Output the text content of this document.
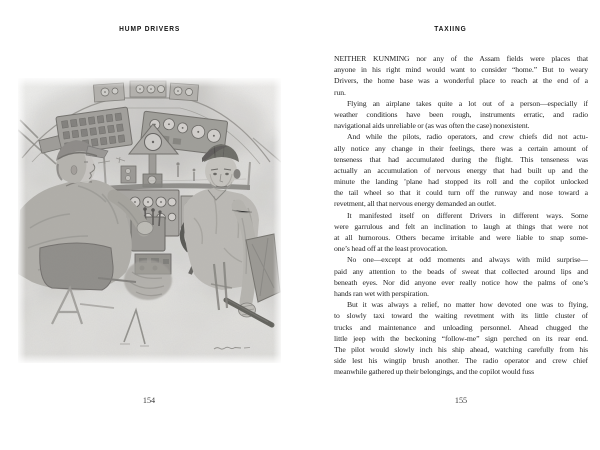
HUMP DRIVERS
154
TAXIING
NEITHER KUNMING nor any of the Assam fields were places that
anyone in his right mind would want to consider “home.” But to weary
Drivers, the home base was a wonderful place to reach at the end of a
run.
Flying an airplane takes quite a lot out of a person—especially if
weather conditions have been rough, instruments erratic, and radio
navigational aids unreliable or (as was often the case) nonexistent.
And while the pilots, radio operators, and crew chiefs did not actu-
ally notice any change in their feelings, there was a certain amount of
tenseness that had accumulated during the flight. This tenseness was
actually an accumulation of nervous energy that had built up and the
minute the landing ’plane had stopped its roll and the copilot unlocked
the tail wheel so that it could turn off the runway and nose toward a
revetment, all that nervous energy demanded an outlet.
It manifested itself on different Drivers in different ways. Some
were garrulous and felt an inclination to laugh at things that were not
at all humorous. Others became irritable and were liable to snap some-
one’s head off at the least provocation.
No one—except at odd moments and always with mild surprise—
paid any attention to the beads of sweat that collected around lips and
beneath eyes. Nor did anyone ever really notice how the palms of one’s
hands ran wet with perspiration.
But it was always a relief, no matter how devoted one was to flying,
to slowly taxi toward the waiting revetment with its little cluster of
trucks and maintenance and unloading personnel. Ahead chugged the
little jeep with the beckoning “follow-me” sign perched on its rear end.
The pilot would slowly inch his ship ahead, watching carefully from his
side lest his wingtip brush another. The radio operator and crew chief
meanwhile gathered up their belongings, and the copilot would fuss
155
